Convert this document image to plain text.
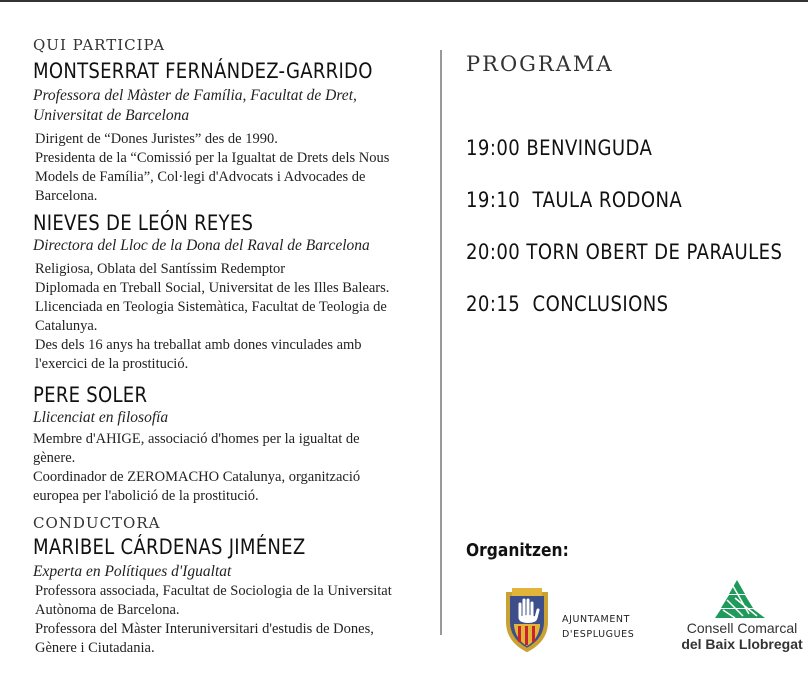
QUI PARTICIPA
MONTSERRAT FERNÁNDEZ-GARRIDO
Professora del Màster de Família, Facultat de Dret,
Universitat de Barcelona
Dirigent de “Dones Juristes” des de 1990.
Presidenta de la “Comissió per la Igualtat de Drets dels Nous
Models de Família”, Col·legi d'Advocats i Advocades de
Barcelona.
NIEVES DE LEÓN REYES
Directora del Lloc de la Dona del Raval de Barcelona
Religiosa, Oblata del Santíssim Redemptor
Diplomada en Treball Social, Universitat de les Illes Balears.
Llicenciada en Teologia Sistemàtica, Facultat de Teologia de
Catalunya.
Des dels 16 anys ha treballat amb dones vinculades amb
l'exercici de la prostitució.
PERE SOLER
Llicenciat en filosofía
Membre d'AHIGE, associació d'homes per la igualtat de
gènere.
Coordinador de ZEROMACHO Catalunya, organització
europea per l'abolició de la prostitució.
CONDUCTORA
MARIBEL CÁRDENAS JIMÉNEZ
Experta en Polítiques d'Igualtat
Professora associada, Facultat de Sociologia de la Universitat
Autònoma de Barcelona.
Professora del Màster Interuniversitari d'estudis de Dones,
Gènere i Ciutadania.
PROGRAMA
19:00 BENVINGUDA
19:10  TAULA RODONA
20:00 TORN OBERT DE PARAULES
20:15  CONCLUSIONS
Organitzen:
AJUNTAMENT
D'ESPLUGUES	Consell Comarcal
del Baix Llobregat
